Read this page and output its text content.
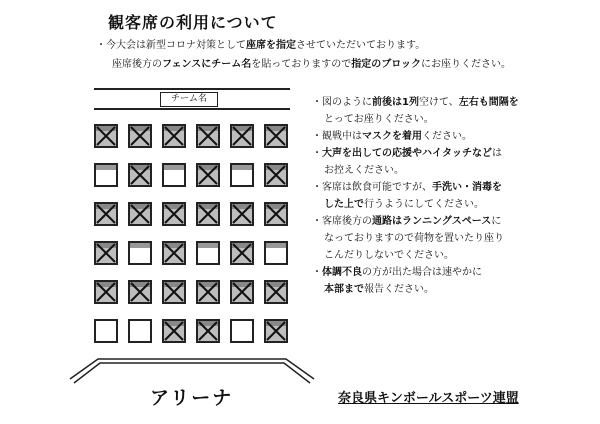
観客席の利用について
・今大会は新型コロナ対策として座席を指定させていただいております。
座席後方のフェンスにチーム名を貼っておりますので指定のブロックにお座りください。
チーム名
アリーナ	奈良県キンボールスポーツ連盟
・図のように前後は1列空けて、左右も間隔を
とってお座りください。
・観戦中はマスクを着用ください。
・大声を出しての応援やハイタッチなどは
お控えください。
・客席は飲食可能ですが、手洗い・消毒を
した上で行うようにしてください。
・客席後方の通路はランニングスペースに
なっておりますので荷物を置いたり座り
こんだりしないでください。
・体調不良の方が出た場合は速やかに
本部まで報告ください。
